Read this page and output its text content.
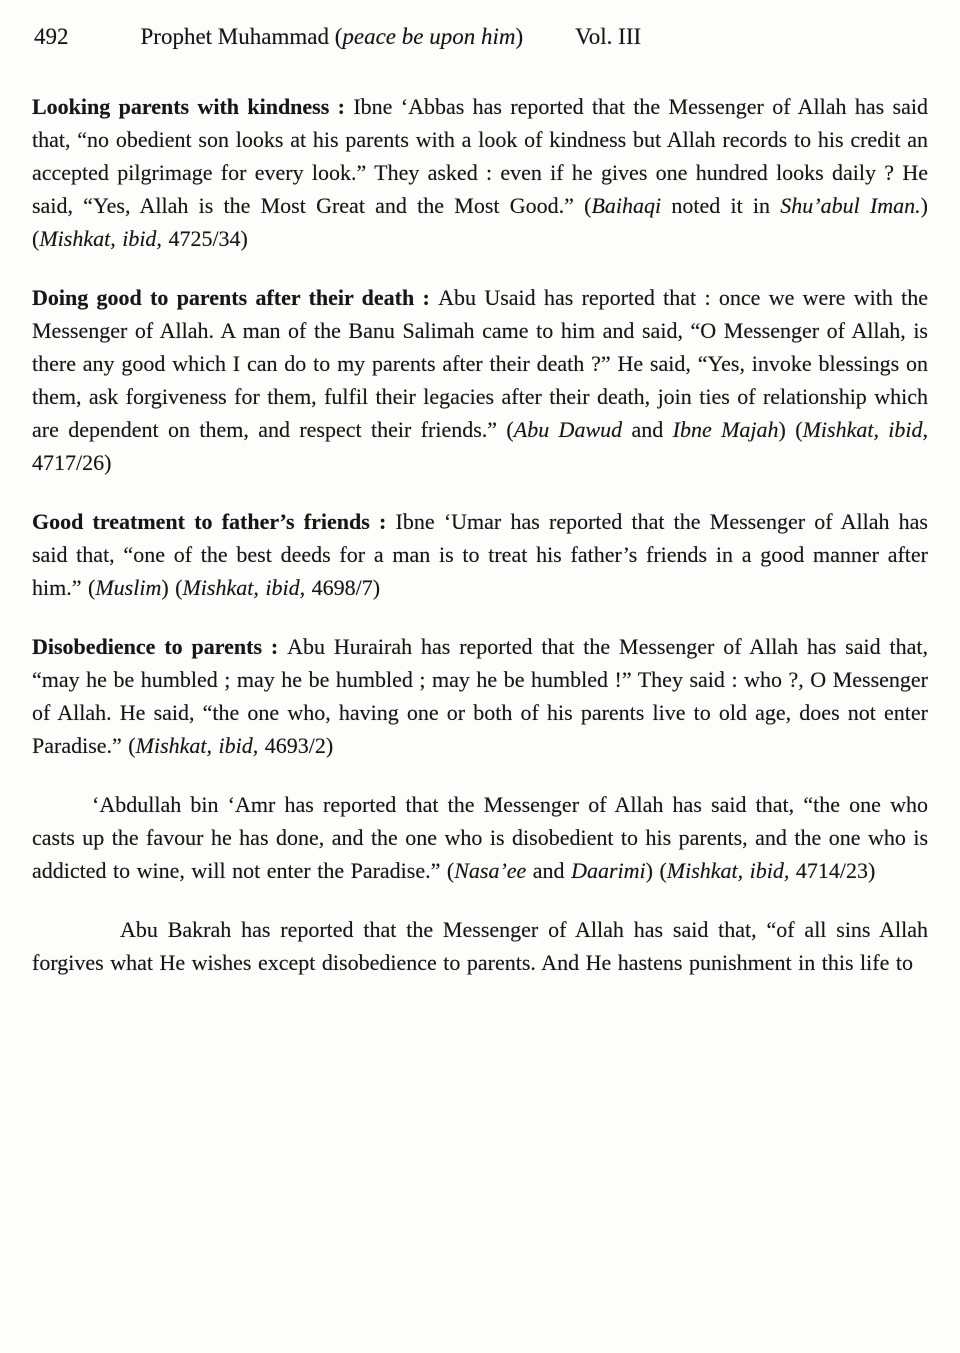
492	Prophet Muhammad (peace be upon him) Vol. III

Looking parents with kindness : Ibne ‘Abbas has reported that the Messenger of Allah has said that, “no obedient son looks at his parents with a look of kindness but Allah records to his credit an accepted pilgrimage for every look.” They asked : even if he gives one hundred looks daily ? He said, “Yes, Allah is the Most Great and the Most Good.” (Baihaqi noted it in Shu’abul Iman.) (Mishkat, ibid, 4725/34)

Doing good to parents after their death : Abu Usaid has reported that : once we were with the Messenger of Allah. A man of the Banu Salimah came to him and said, “O Messenger of Allah, is there any good which I can do to my parents after their death ?” He said, “Yes, invoke blessings on them, ask forgiveness for them, fulfil their legacies after their death, join ties of relationship which are dependent on them, and respect their friends.” (Abu Dawud and Ibne Majah) (Mishkat, ibid, 4717/26)

Good treatment to father’s friends : Ibne ‘Umar has reported that the Messenger of Allah has said that, “one of the best deeds for a man is to treat his father’s friends in a good manner after him.” (Muslim) (Mishkat, ibid, 4698/7)

Disobedience to parents : Abu Hurairah has reported that the Messenger of Allah has said that, “may he be humbled ; may he be humbled ; may he be humbled !” They said : who ?, O Messenger of Allah. He said, “the one who, having one or both of his parents live to old age, does not enter Paradise.” (Mishkat, ibid, 4693/2)

‘Abdullah bin ‘Amr has reported that the Messenger of Allah has said that, “the one who casts up the favour he has done, and the one who is disobedient to his parents, and the one who is addicted to wine, will not enter the Paradise.” (Nasa’ee and Daarimi) (Mishkat, ibid, 4714/23)

Abu Bakrah has reported that the Messenger of Allah has said that, “of all sins Allah forgives what He wishes except disobedience to parents. And He hastens punishment in this life to
